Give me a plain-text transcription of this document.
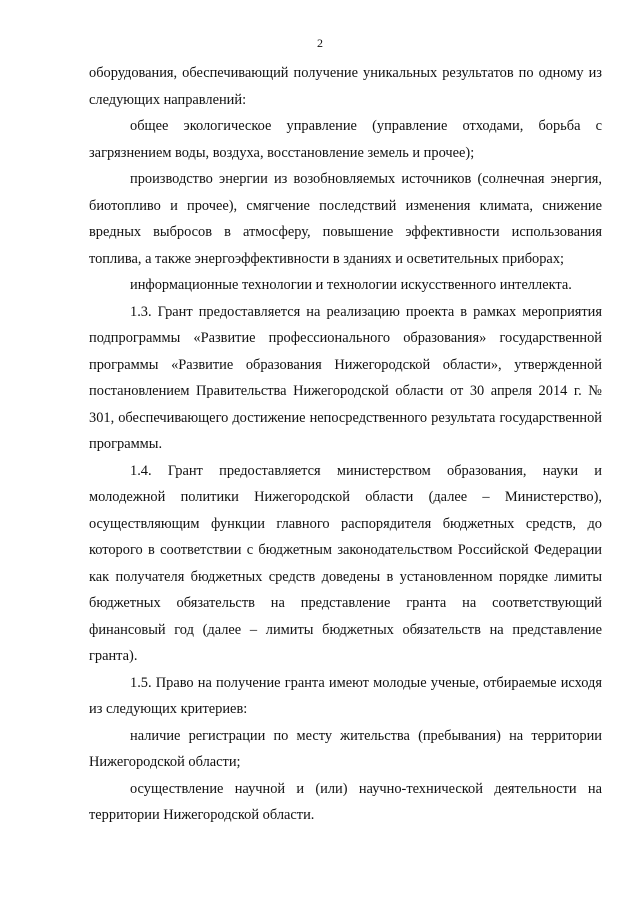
2

оборудования, обеспечивающий получение уникальных результатов по одному из следующих направлений:

общее экологическое управление (управление отходами, борьба с загрязнением воды, воздуха, восстановление земель и прочее);

производство энергии из возобновляемых источников (солнечная энергия, биотопливо и прочее), смягчение последствий изменения климата, снижение вредных выбросов в атмосферу, повышение эффективности использования топлива, а также энергоэффективности в зданиях и осветительных приборах;

информационные технологии и технологии искусственного интеллекта.

1.3. Грант предоставляется на реализацию проекта в рамках мероприятия подпрограммы «Развитие профессионального образования» государственной программы «Развитие образования Нижегородской области», утвержденной постановлением Правительства Нижегородской области от 30 апреля 2014 г. № 301, обеспечивающего достижение непосредственного результата государственной программы.

1.4. Грант предоставляется министерством образования, науки и молодежной политики Нижегородской области (далее – Министерство), осуществляющим функции главного распорядителя бюджетных средств, до которого в соответствии с бюджетным законодательством Российской Федерации как получателя бюджетных средств доведены в установленном порядке лимиты бюджетных обязательств на представление гранта на соответствующий финансовый год (далее – лимиты бюджетных обязательств на представление гранта).

1.5. Право на получение гранта имеют молодые ученые, отбираемые исходя из следующих критериев:

наличие регистрации по месту жительства (пребывания) на территории Нижегородской области;

осуществление научной и (или) научно-технической деятельности на территории Нижегородской области.
